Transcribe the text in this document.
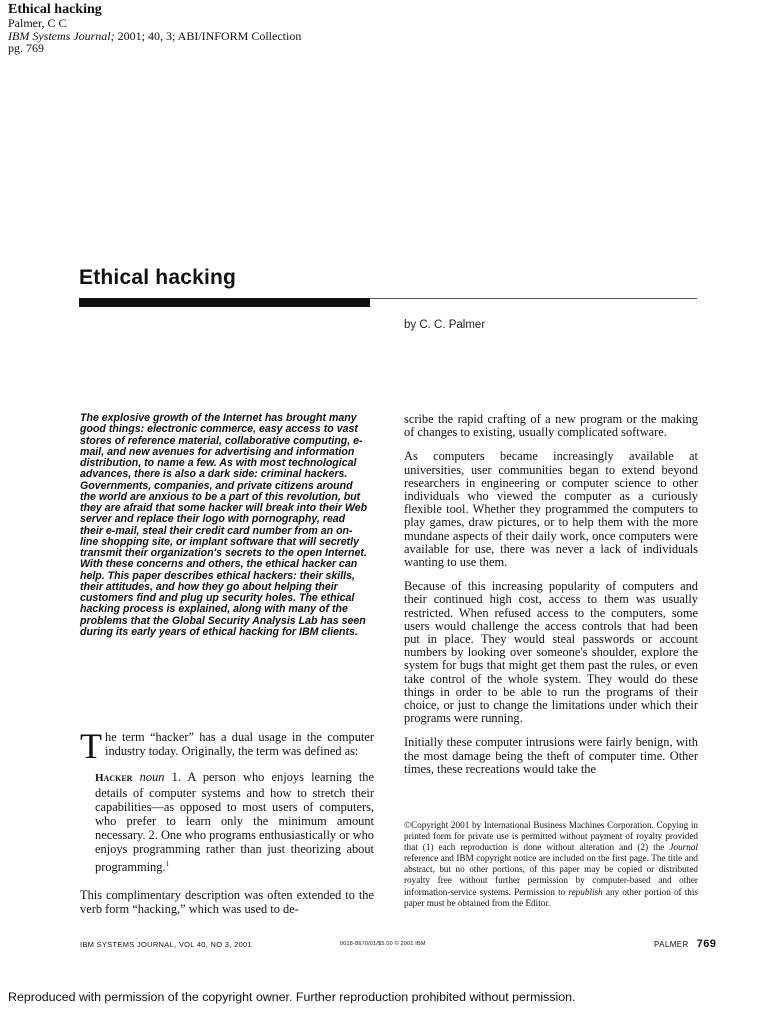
Ethical hacking
Palmer, C C
IBM Systems Journal; 2001; 40, 3; ABI/INFORM Collection
pg. 769
Ethical hacking
by C. C. Palmer
The explosive growth of the Internet has brought many good things: electronic commerce, easy access to vast stores of reference material, collaborative computing, e-mail, and new avenues for advertising and information distribution, to name a few. As with most technological advances, there is also a dark side: criminal hackers. Governments, companies, and private citizens around the world are anxious to be a part of this revolution, but they are afraid that some hacker will break into their Web server and replace their logo with pornography, read their e-mail, steal their credit card number from an on-line shopping site, or implant software that will secretly transmit their organization's secrets to the open Internet. With these concerns and others, the ethical hacker can help. This paper describes ethical hackers: their skills, their attitudes, and how they go about helping their customers find and plug up security holes. The ethical hacking process is explained, along with many of the problems that the Global Security Analysis Lab has seen during its early years of ethical hacking for IBM clients.

The term “hacker” has a dual usage in the computer industry today. Originally, the term was defined as:

Hacker noun 1. A person who enjoys learning the details of computer systems and how to stretch their capabilities—as opposed to most users of computers, who prefer to learn only the minimum amount necessary. 2. One who programs enthusiastically or who enjoys programming rather than just theorizing about programming.$^1$

This complimentary description was often extended to the verb form “hacking,” which was used to de-

scribe the rapid crafting of a new program or the making of changes to existing, usually complicated software.

As computers became increasingly available at universities, user communities began to extend beyond researchers in engineering or computer science to other individuals who viewed the computer as a curiously flexible tool. Whether they programmed the computers to play games, draw pictures, or to help them with the more mundane aspects of their daily work, once computers were available for use, there was never a lack of individuals wanting to use them.

Because of this increasing popularity of computers and their continued high cost, access to them was usually restricted. When refused access to the computers, some users would challenge the access controls that had been put in place. They would steal passwords or account numbers by looking over someone's shoulder, explore the system for bugs that might get them past the rules, or even take control of the whole system. They would do these things in order to be able to run the programs of their choice, or just to change the limitations under which their programs were running.

Initially these computer intrusions were fairly benign, with the most damage being the theft of computer time. Other times, these recreations would take the

©Copyright 2001 by International Business Machines Corporation. Copying in printed form for private use is permitted without payment of royalty provided that (1) each reproduction is done without alteration and (2) the Journal reference and IBM copyright notice are included on the first page. The title and abstract, but no other portions, of this paper may be copied or distributed royalty free without further permission by computer-based and other information-service systems. Permission to republish any other portion of this paper must be obtained from the Editor.
IBM SYSTEMS JOURNAL, VOL 40, NO 3, 2001	0018-8670/01/$5.00 © 2001 IBM	PALMER 769
Reproduced with permission of the copyright owner. Further reproduction prohibited without permission.
